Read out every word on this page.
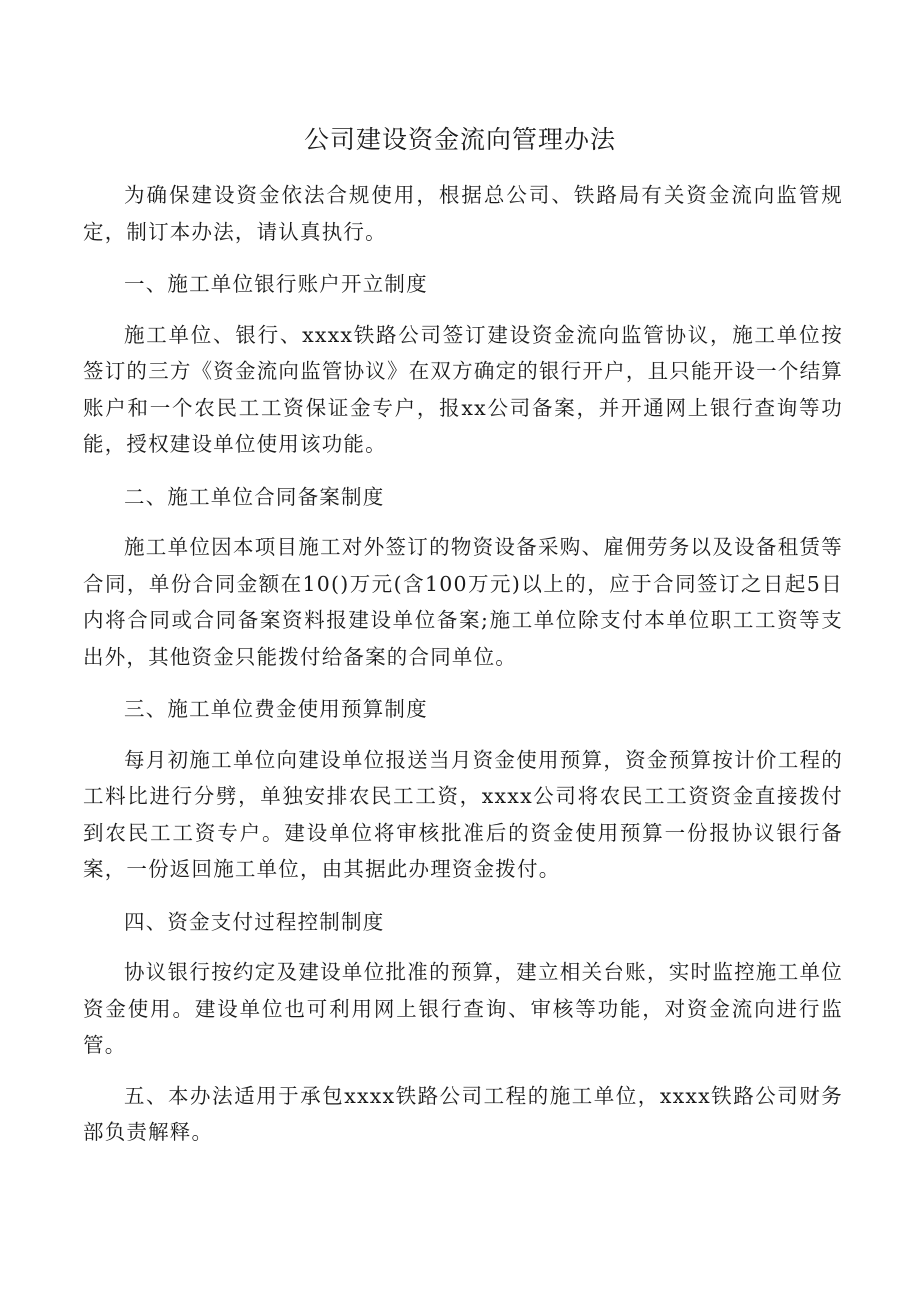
公司建设资金流向管理办法

为确保建设资金依法合规使用，根据总公司、铁路局有关资金流向监管规定，制订本办法，请认真执行。

一、施工单位银行账户开立制度

施工单位、银行、xxxx铁路公司签订建设资金流向监管协议，施工单位按签订的三方《资金流向监管协议》在双方确定的银行开户，且只能开设一个结算账户和一个农民工工资保证金专户，报xx公司备案，并开通网上银行查询等功能，授权建设单位使用该功能。

二、施工单位合同备案制度

施工单位因本项目施工对外签订的物资设备采购、雇佣劳务以及设备租赁等合同，单份合同金额在10()万元(含100万元)以上的，应于合同签订之日起5日内将合同或合同备案资料报建设单位备案;施工单位除支付本单位职工工资等支出外，其他资金只能拨付给备案的合同单位。

三、施工单位费金使用预算制度

每月初施工单位向建设单位报送当月资金使用预算，资金预算按计价工程的工料比进行分劈，单独安排农民工工资，xxxx公司将农民工工资资金直接拨付到农民工工资专户。建设单位将审核批准后的资金使用预算一份报协议银行备案，一份返回施工单位，由其据此办理资金拨付。

四、资金支付过程控制制度

协议银行按约定及建设单位批准的预算，建立相关台账，实时监控施工单位资金使用。建设单位也可利用网上银行查询、审核等功能，对资金流向进行监管。

五、本办法适用于承包xxxx铁路公司工程的施工单位，xxxx铁路公司财务部负责解释。
